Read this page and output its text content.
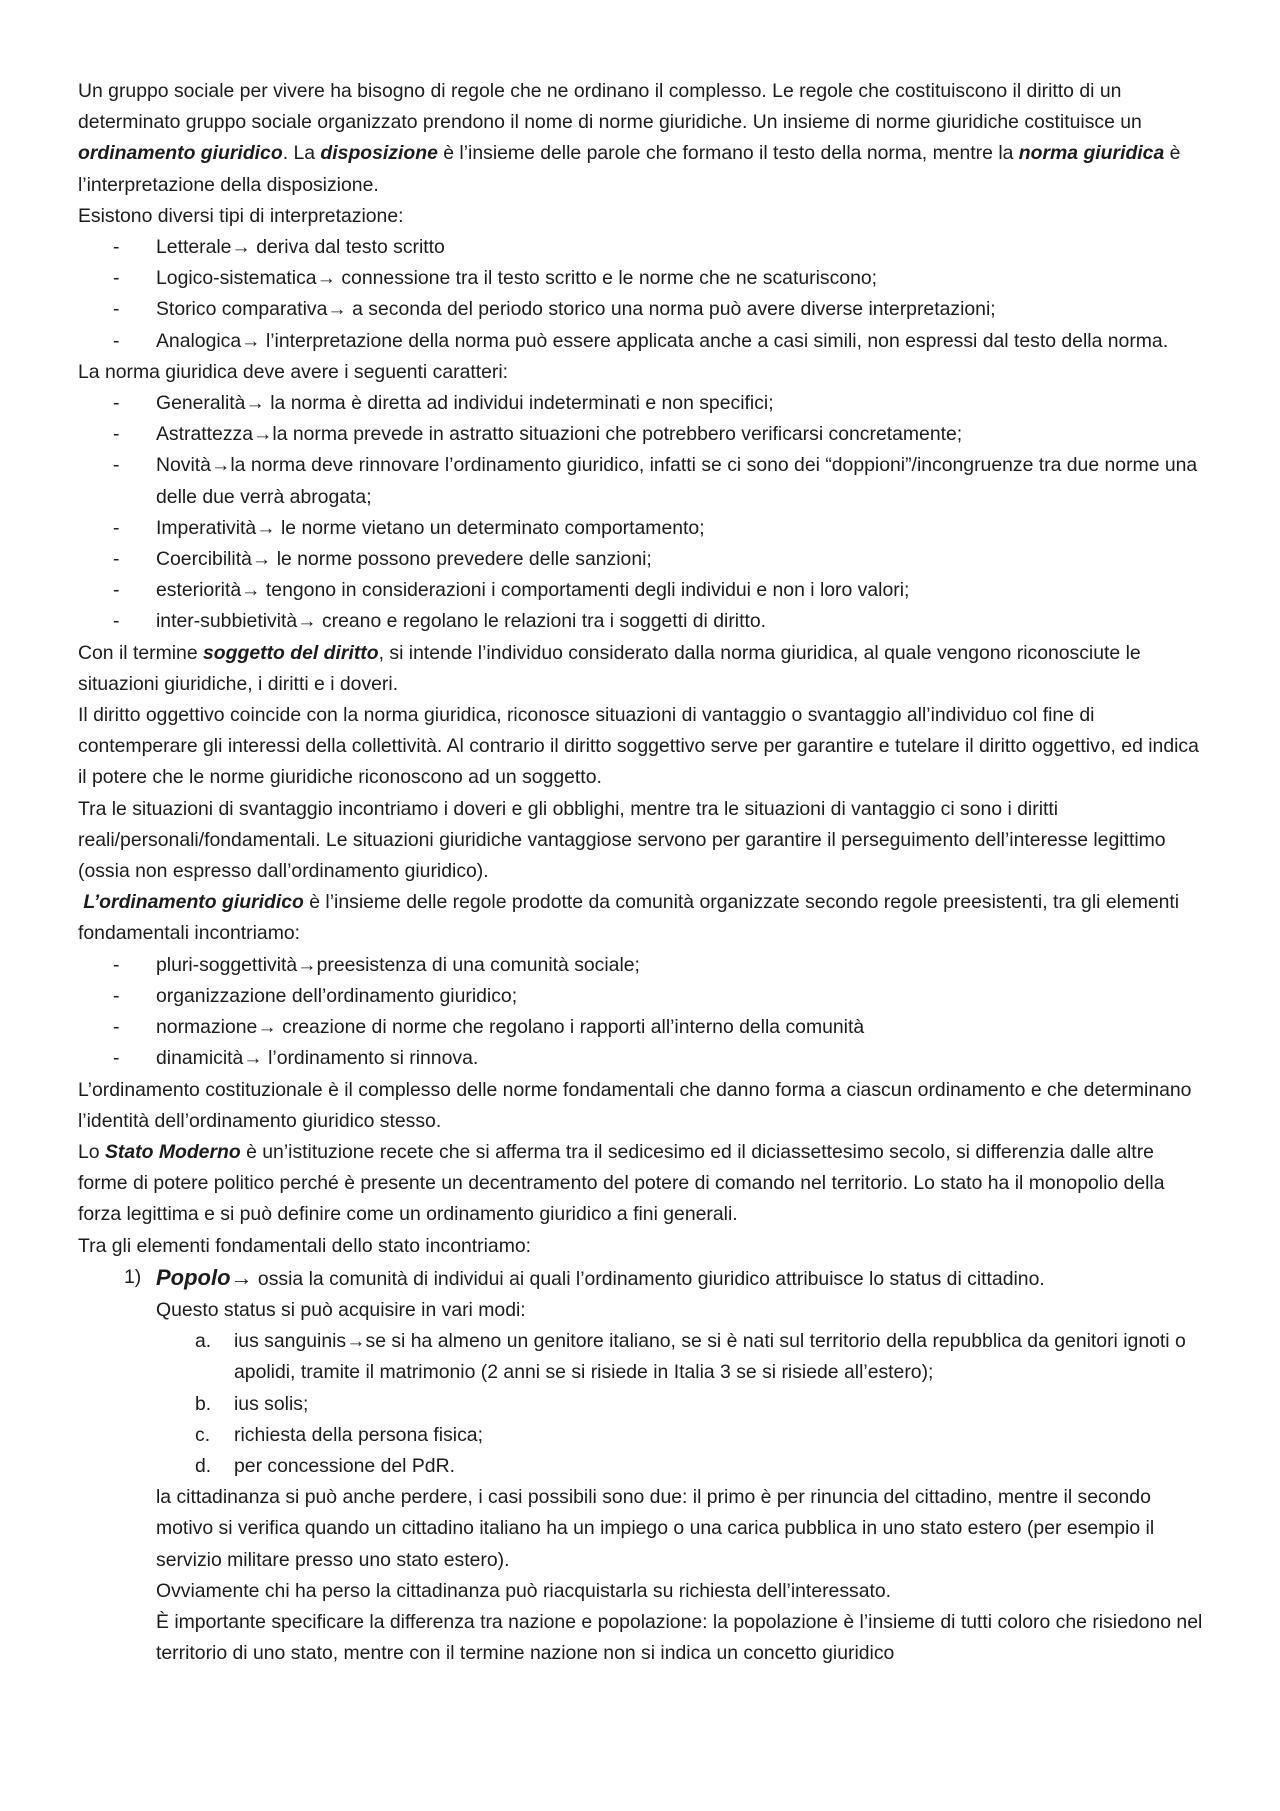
Un gruppo sociale per vivere ha bisogno di regole che ne ordinano il complesso. Le regole che costituiscono il diritto di un determinato gruppo sociale organizzato prendono il nome di norme giuridiche. Un insieme di norme giuridiche costituisce un ordinamento giuridico. La disposizione è l’insieme delle parole che formano il testo della norma, mentre la norma giuridica è l’interpretazione della disposizione.

Esistono diversi tipi di interpretazione:

- Letterale→ deriva dal testo scritto
- Logico-sistematica→ connessione tra il testo scritto e le norme che ne scaturiscono;
- Storico comparativa→ a seconda del periodo storico una norma può avere diverse interpretazioni;
- Analogica→ l’interpretazione della norma può essere applicata anche a casi simili, non espressi dal testo della norma.

La norma giuridica deve avere i seguenti caratteri:

- Generalità→ la norma è diretta ad individui indeterminati e non specifici;
- Astrattezza→la norma prevede in astratto situazioni che potrebbero verificarsi concretamente;
- Novità→la norma deve rinnovare l’ordinamento giuridico, infatti se ci sono dei “doppioni”/incongruenze tra due norme una delle due verrà abrogata;
- Imperatività→ le norme vietano un determinato comportamento;
- Coercibilità→ le norme possono prevedere delle sanzioni;
- esteriorità→ tengono in considerazioni i comportamenti degli individui e non i loro valori;
- inter-subbietività→ creano e regolano le relazioni tra i soggetti di diritto.

Con il termine soggetto del diritto, si intende l’individuo considerato dalla norma giuridica, al quale vengono riconosciute le situazioni giuridiche, i diritti e i doveri.

Il diritto oggettivo coincide con la norma giuridica, riconosce situazioni di vantaggio o svantaggio all’individuo col fine di contemperare gli interessi della collettività. Al contrario il diritto soggettivo serve per garantire e tutelare il diritto oggettivo, ed indica il potere che le norme giuridiche riconoscono ad un soggetto.

Tra le situazioni di svantaggio incontriamo i doveri e gli obblighi, mentre tra le situazioni di vantaggio ci sono i diritti reali/personali/fondamentali. Le situazioni giuridiche vantaggiose servono per garantire il perseguimento dell’interesse legittimo (ossia non espresso dall’ordinamento giuridico).

L’ordinamento giuridico è l’insieme delle regole prodotte da comunità organizzate secondo regole preesistenti, tra gli elementi fondamentali incontriamo:

- pluri-soggettività→preesistenza di una comunità sociale;
- organizzazione dell’ordinamento giuridico;
- normazione→ creazione di norme che regolano i rapporti all’interno della comunità
- dinamicità→ l’ordinamento si rinnova.

L’ordinamento costituzionale è il complesso delle norme fondamentali che danno forma a ciascun ordinamento e che determinano l’identità dell’ordinamento giuridico stesso.

Lo Stato Moderno è un’istituzione recete che si afferma tra il sedicesimo ed il diciassettesimo secolo, si differenzia dalle altre forme di potere politico perché è presente un decentramento del potere di comando nel territorio. Lo stato ha il monopolio della forza legittima e si può definire come un ordinamento giuridico a fini generali.

Tra gli elementi fondamentali dello stato incontriamo:

1) Popolo→ ossia la comunità di individui ai quali l’ordinamento giuridico attribuisce lo status di cittadino.

Questo status si può acquisire in vari modi:

a. ius sanguinis→se si ha almeno un genitore italiano, se si è nati sul territorio della repubblica da genitori ignoti o apolidi, tramite il matrimonio (2 anni se si risiede in Italia 3 se si risiede all’estero);
b. ius solis;
c. richiesta della persona fisica;
d. per concessione del PdR.

la cittadinanza si può anche perdere, i casi possibili sono due: il primo è per rinuncia del cittadino, mentre il secondo motivo si verifica quando un cittadino italiano ha un impiego o una carica pubblica in uno stato estero (per esempio il servizio militare presso uno stato estero).

Ovviamente chi ha perso la cittadinanza può riacquistarla su richiesta dell’interessato.

È importante specificare la differenza tra nazione e popolazione: la popolazione è l’insieme di tutti coloro che risiedono nel territorio di uno stato, mentre con il termine nazione non si indica un concetto giuridico
